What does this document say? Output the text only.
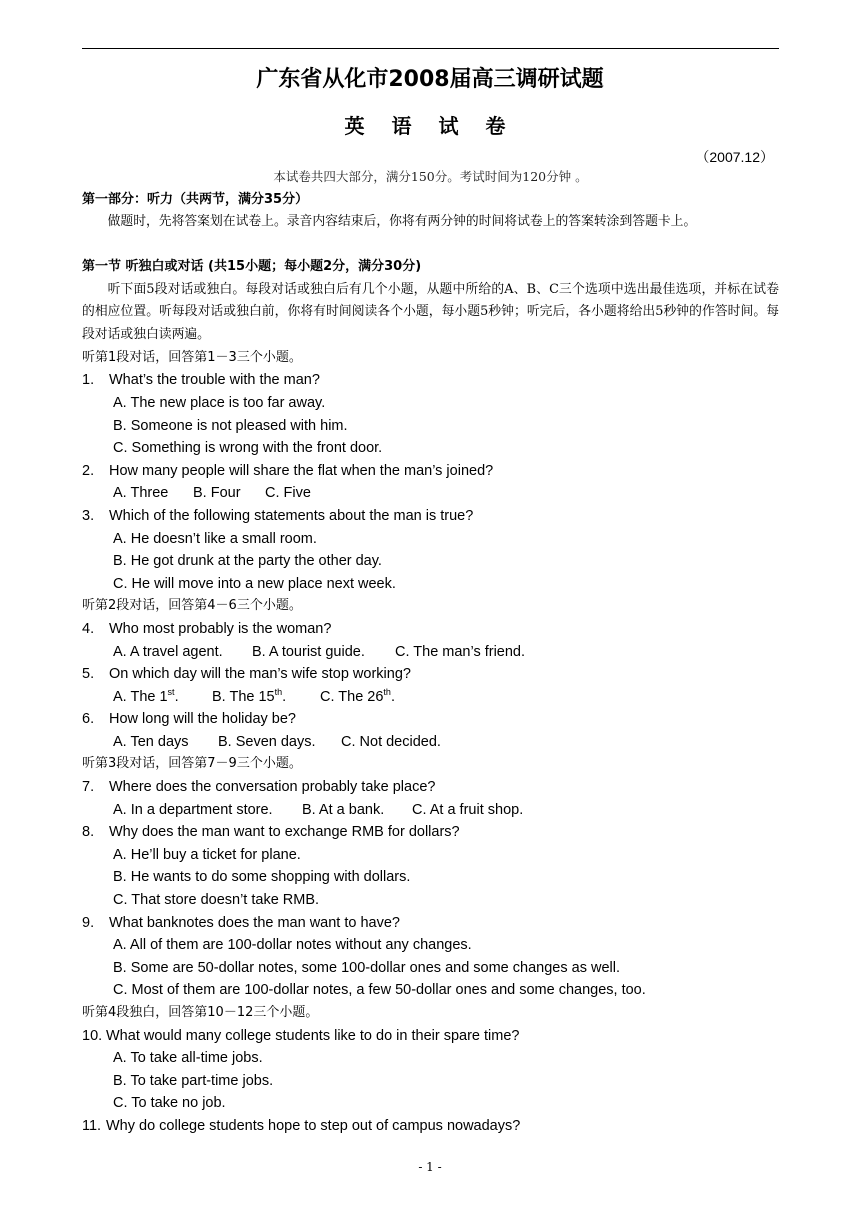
广东省从化市2008届高三调研试题
英 语 试 卷
（2007.12）
本试卷共四大部分，满分150分。考试时间为120分钟 。
第一部分：听力（共两节，满分35分）
做题时，先将答案划在试卷上。录音内容结束后，你将有两分钟的时间将试卷上的答案转涂到答题卡上。
第一节 听独白或对话 (共15小题；每小题2分，满分30分)
听下面5段对话或独白。每段对话或独白后有几个小题，从题中所给的A、B、C三个选项中选出最佳选项，并标在试卷的相应位置。听每段对话或独白前，你将有时间阅读各个小题，每小题5秒钟；听完后，各小题将给出5秒钟的作答时间。每段对话或独白读两遍。
听第1段对话，回答第1－3三个小题。
1. What’s the trouble with the man?
A. The new place is too far away.
B. Someone is not pleased with him.
C. Something is wrong with the front door.
2. How many people will share the flat when the man’s joined?
A. Three B. Four C. Five
3. Which of the following statements about the man is true?
A. He doesn’t like a small room.
B. He got drunk at the party the other day.
C. He will move into a new place next week.
听第2段对话，回答第4－6三个小题。
4. Who most probably is the woman?
A. A travel agent. B. A tourist guide. C. The man’s friend.
5. On which day will the man’s wife stop working?
A. The 1st. B. The 15th. C. The 26th.
6. How long will the holiday be?
A. Ten days B. Seven days. C. Not decided.
听第3段对话，回答第7－9三个小题。
7. Where does the conversation probably take place?
A. In a department store. B. At a bank. C. At a fruit shop.
8. Why does the man want to exchange RMB for dollars?
A. He’ll buy a ticket for plane.
B. He wants to do some shopping with dollars.
C. That store doesn’t take RMB.
9. What banknotes does the man want to have?
A. All of them are 100-dollar notes without any changes.
B. Some are 50-dollar notes, some 100-dollar ones and some changes as well.
C. Most of them are 100-dollar notes, a few 50-dollar ones and some changes, too.
听第4段独白，回答第10－12三个小题。
10. What would many college students like to do in their spare time?
A. To take all-time jobs.
B. To take part-time jobs.
C. To take no job.
11. Why do college students hope to step out of campus nowadays?
- 1 -
